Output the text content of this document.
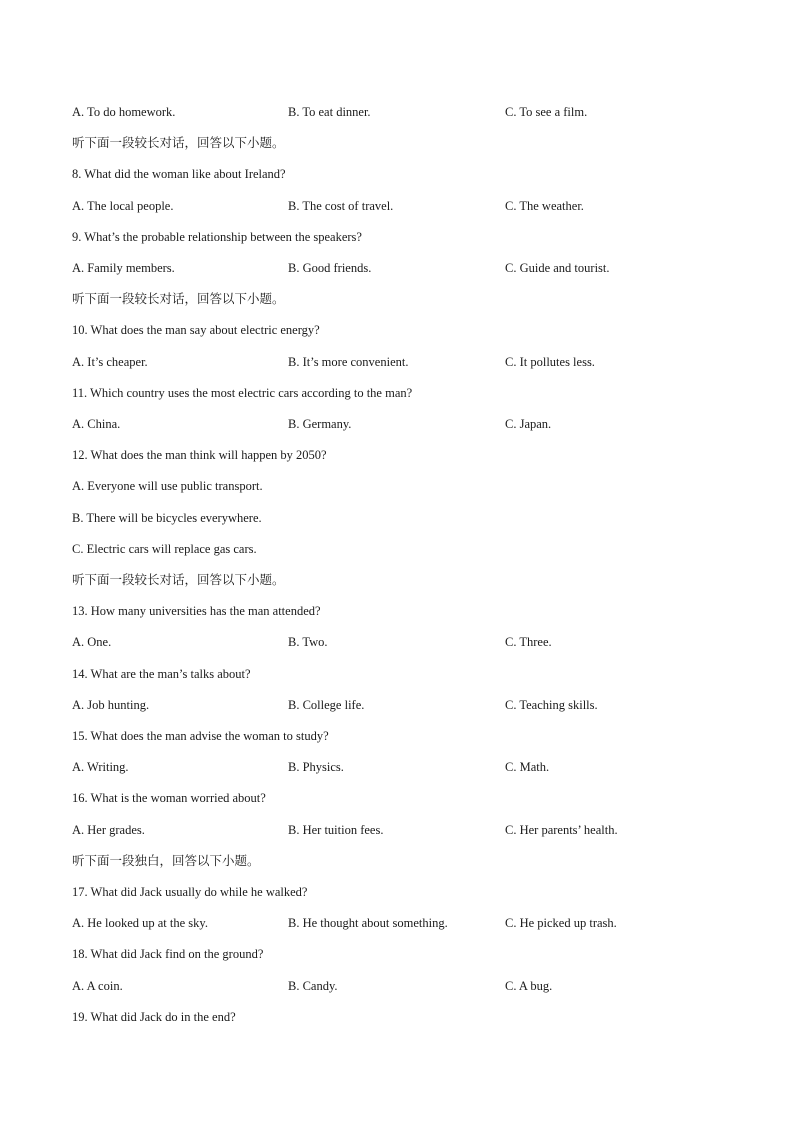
A. To do homework.	B. To eat dinner.	C. To see a film.
听下面一段较长对话，回答以下小题。
8. What did the woman like about Ireland?
A. The local people.	B. The cost of travel.	C. The weather.
9. What’s the probable relationship between the speakers?
A. Family members.	B. Good friends.	C. Guide and tourist.
听下面一段较长对话，回答以下小题。
10. What does the man say about electric energy?
A. It’s cheaper.	B. It’s more convenient.	C. It pollutes less.
11. Which country uses the most electric cars according to the man?
A. China.	B. Germany.	C. Japan.
12. What does the man think will happen by 2050?
A. Everyone will use public transport.
B. There will be bicycles everywhere.
C. Electric cars will replace gas cars.
听下面一段较长对话，回答以下小题。
13. How many universities has the man attended?
A. One.	B. Two.	C. Three.
14. What are the man’s talks about?
A. Job hunting.	B. College life.	C. Teaching skills.
15. What does the man advise the woman to study?
A. Writing.	B. Physics.	C. Math.
16. What is the woman worried about?
A. Her grades.	B. Her tuition fees.	C. Her parents’ health.
听下面一段独白，回答以下小题。
17. What did Jack usually do while he walked?
A. He looked up at the sky.	B. He thought about something.	C. He picked up trash.
18. What did Jack find on the ground?
A. A coin.	B. Candy.	C. A bug.
19. What did Jack do in the end?
